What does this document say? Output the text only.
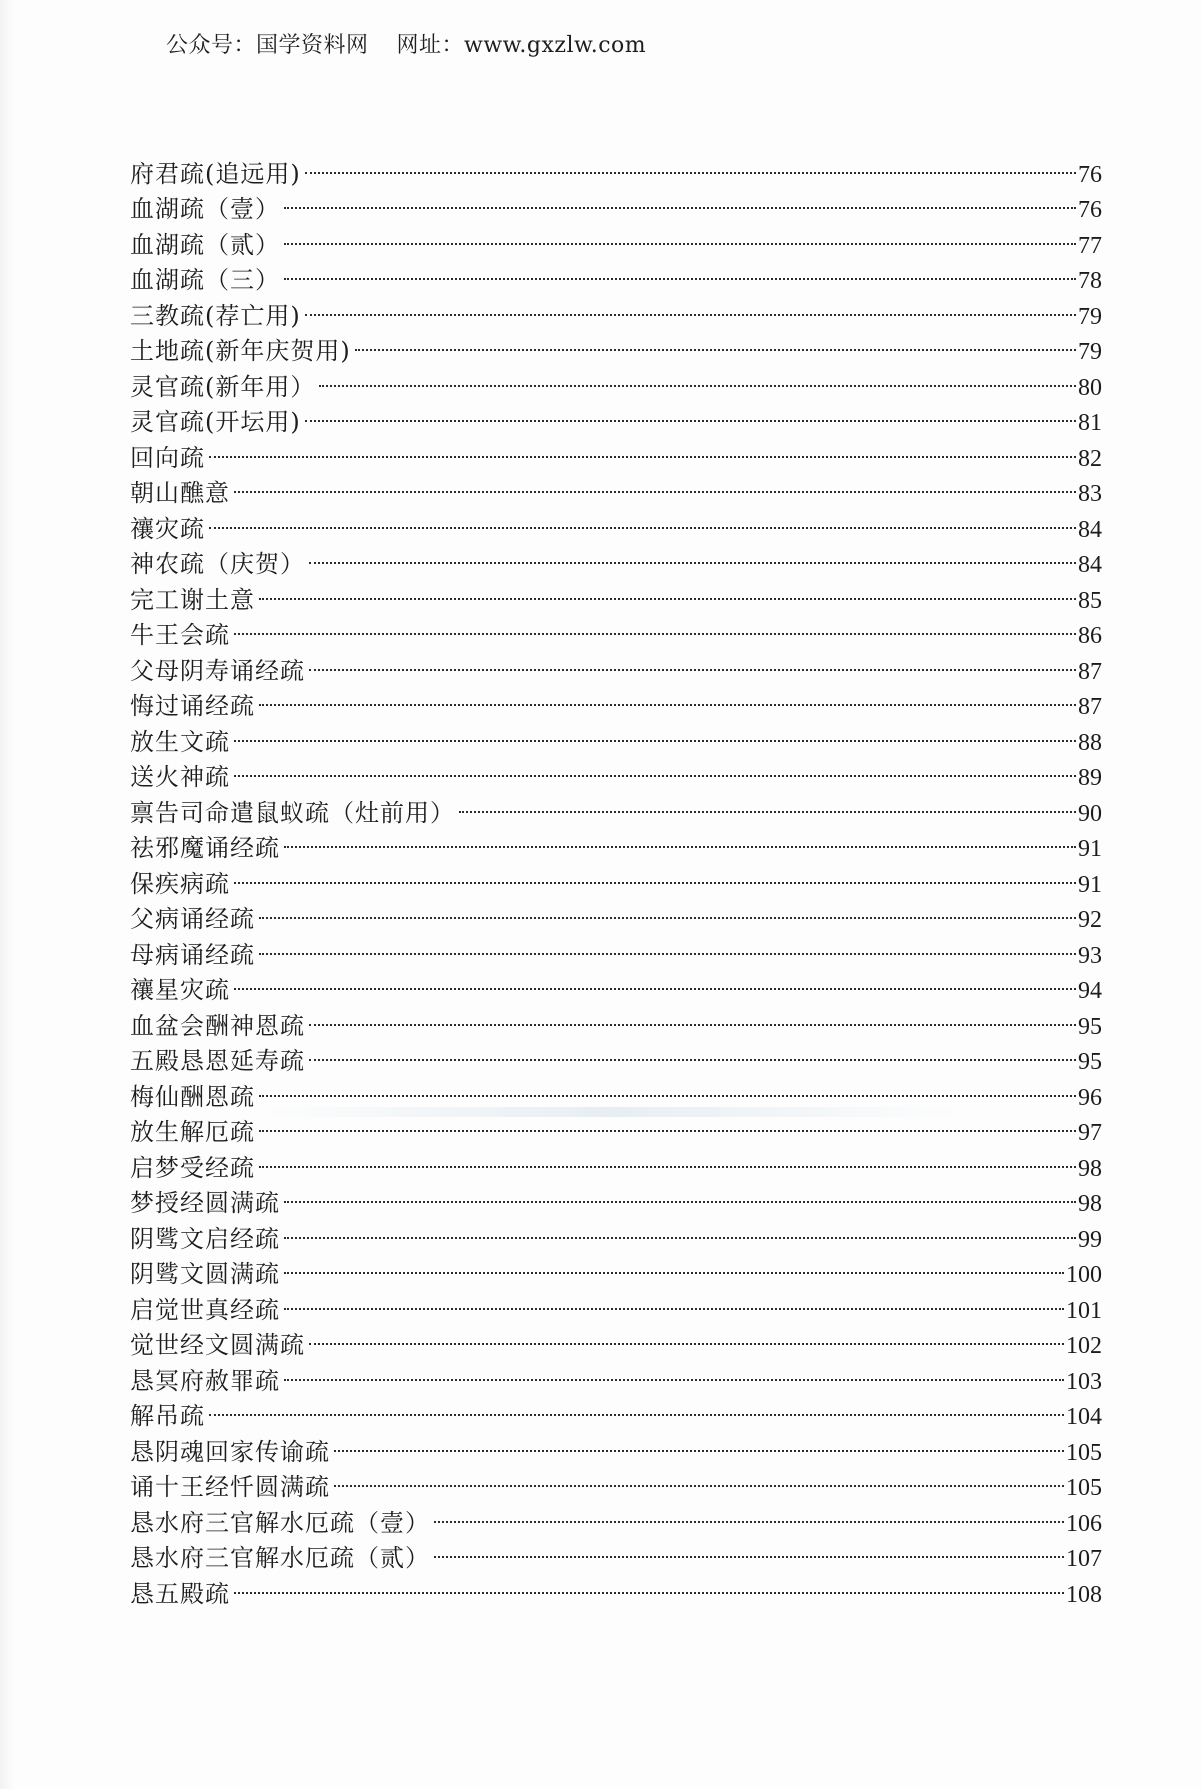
公众号：国学资料网 网址：www.gxzlw.com
府君疏(追远用)	76
血湖疏（壹）	76
血湖疏（贰）	77
血湖疏（三）	78
三教疏(荐亡用)	79
土地疏(新年庆贺用)	79
灵官疏(新年用）	80
灵官疏(开坛用)	81
回向疏	82
朝山醮意	83
禳灾疏	84
神农疏（庆贺）	84
完工谢土意	85
牛王会疏	86
父母阴寿诵经疏	87
悔过诵经疏	87
放生文疏	88
送火神疏	89
禀告司命遣鼠蚁疏（灶前用）	90
祛邪魔诵经疏	91
保疾病疏	91
父病诵经疏	92
母病诵经疏	93
禳星灾疏	94
血盆会酬神恩疏	95
五殿恳恩延寿疏	95
梅仙酬恩疏	96
放生解厄疏	97
启梦受经疏	98
梦授经圆满疏	98
阴骘文启经疏	99
阴骘文圆满疏	100
启觉世真经疏	101
觉世经文圆满疏	102
恳冥府赦罪疏	103
解吊疏	104
恳阴魂回家传谕疏	105
诵十王经忏圆满疏	105
恳水府三官解水厄疏（壹）	106
恳水府三官解水厄疏（贰）	107
恳五殿疏	108
